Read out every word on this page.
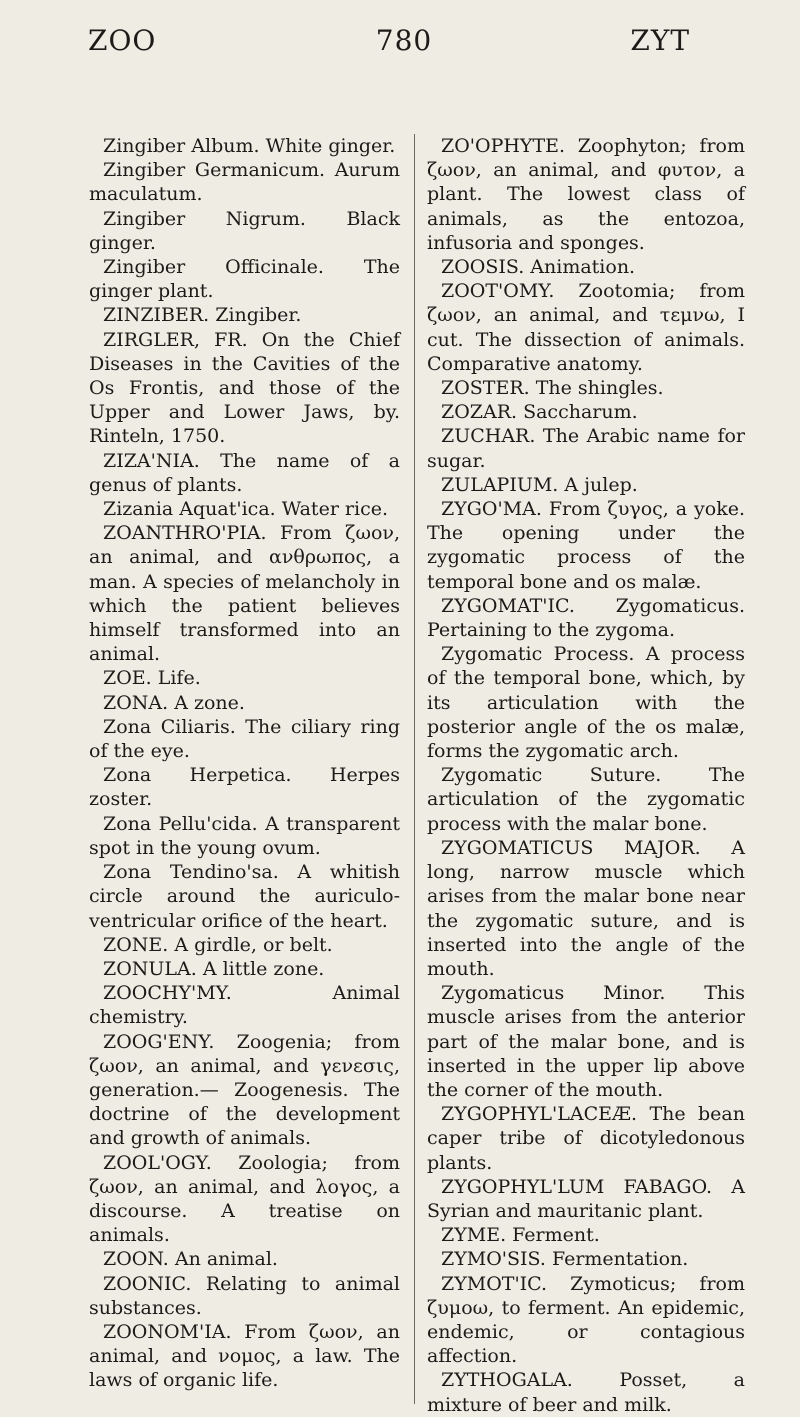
ZOO	780	ZYT

Zingiber Album. White ginger.

Zingiber Germanicum. Aurum maculatum.

Zingiber Nigrum. Black ginger.

Zingiber Officinale. The ginger plant.

ZINZIBER. Zingiber.

ZIRGLER, FR. On the Chief Diseases in the Cavities of the Os Frontis, and those of the Upper and Lower Jaws, by. Rinteln, 1750.

ZIZA'NIA. The name of a genus of plants.

Zizania Aquat'ica. Water rice.

ZOANTHRO'PIA. From ζωον, an animal, and ανθρωπος, a man. A species of melancholy in which the patient believes himself transformed into an animal.

ZOE. Life.

ZONA. A zone.

Zona Ciliaris. The ciliary ring of the eye.

Zona Herpetica. Herpes zoster.

Zona Pellu'cida. A transparent spot in the young ovum.

Zona Tendino'sa. A whitish circle around the auriculo-ventricular orifice of the heart.

ZONE. A girdle, or belt.

ZONULA. A little zone.

ZOOCHY'MY. Animal chemistry.

ZOOG'ENY. Zoogenia; from ζωον, an animal, and γενεσις, generation.— Zoogenesis. The doctrine of the development and growth of animals.

ZOOL'OGY. Zoologia; from ζωον, an animal, and λογος, a discourse. A treatise on animals.

ZOON. An animal.

ZOONIC. Relating to animal substances.

ZOONOM'IA. From ζωον, an animal, and νομος, a law. The laws of organic life.

ZO'OPHYTE. Zoophyton; from ζωον, an animal, and φυτον, a plant. The lowest class of animals, as the entozoa, infusoria and sponges.

ZOOSIS. Animation.

ZOOT'OMY. Zootomia; from ζωον, an animal, and τεμνω, I cut. The dissection of animals. Comparative anatomy.

ZOSTER. The shingles.

ZOZAR. Saccharum.

ZUCHAR. The Arabic name for sugar.

ZULAPIUM. A julep.

ZYGO'MA. From ζυγος, a yoke. The opening under the zygomatic process of the temporal bone and os malæ.

ZYGOMAT'IC. Zygomaticus. Pertaining to the zygoma.

Zygomatic Process. A process of the temporal bone, which, by its articulation with the posterior angle of the os malæ, forms the zygomatic arch.

Zygomatic Suture. The articulation of the zygomatic process with the malar bone.

ZYGOMATICUS MAJOR. A long, narrow muscle which arises from the malar bone near the zygomatic suture, and is inserted into the angle of the mouth.

Zygomaticus Minor. This muscle arises from the anterior part of the malar bone, and is inserted in the upper lip above the corner of the mouth.

ZYGOPHYL'LACEÆ. The bean caper tribe of dicotyledonous plants.

ZYGOPHYL'LUM FABAGO. A Syrian and mauritanic plant.

ZYME. Ferment.

ZYMO'SIS. Fermentation.

ZYMOT'IC. Zymoticus; from ζυμοω, to ferment. An epidemic, endemic, or contagious affection.

ZYTHOGALA. Posset, a mixture of beer and milk.
